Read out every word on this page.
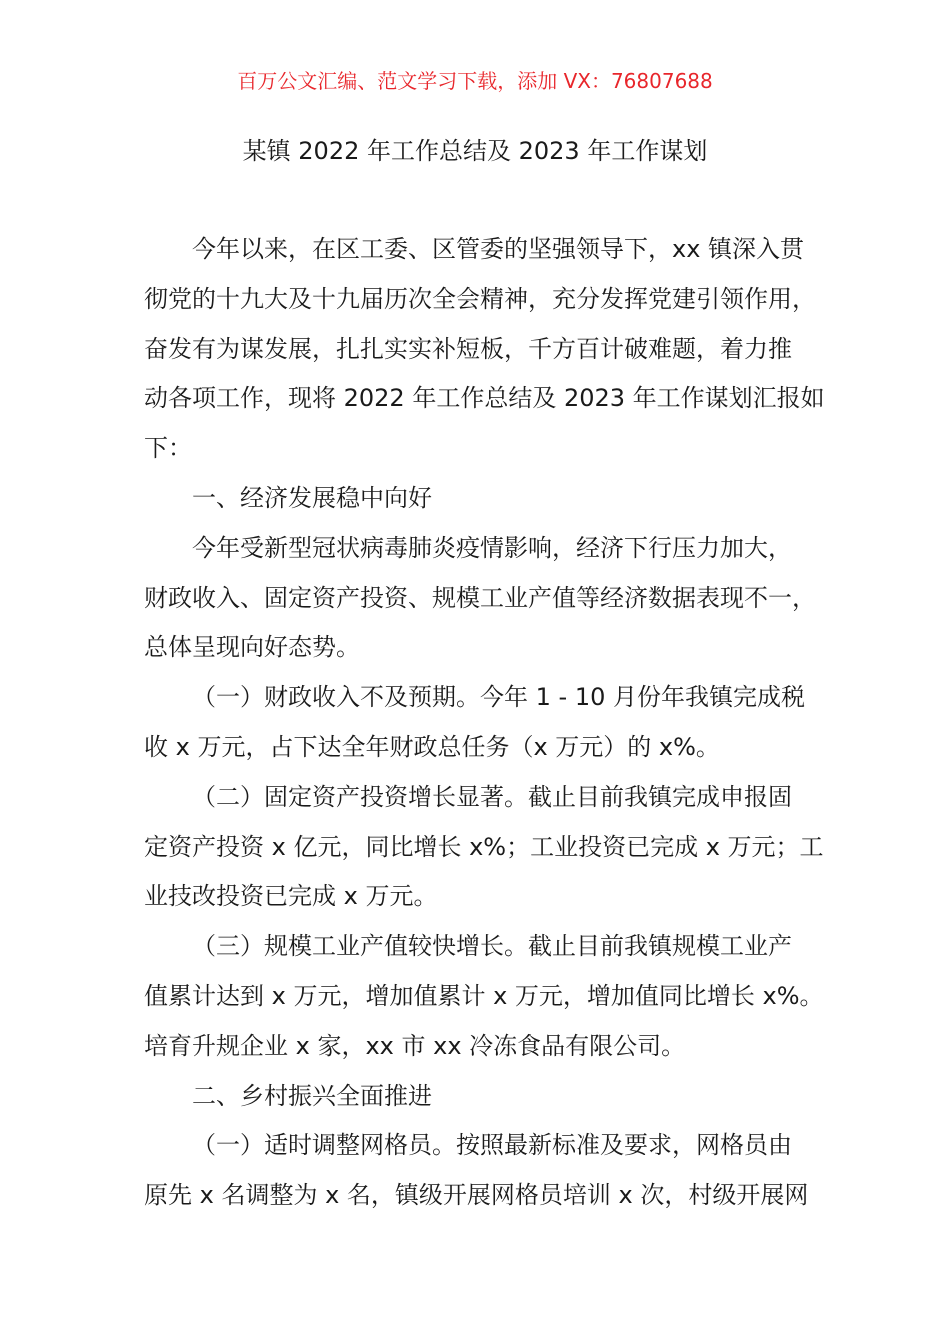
百万公文汇编、范文学习下载，添加 VX：76807688
某镇 2022 年工作总结及 2023 年工作谋划
今年以来，在区工委、区管委的坚强领导下，xx 镇深入贯
彻党的十九大及十九届历次全会精神，充分发挥党建引领作用，
奋发有为谋发展，扎扎实实补短板，千方百计破难题，着力推
动各项工作，现将 2022 年工作总结及 2023 年工作谋划汇报如
下：
一、经济发展稳中向好
今年受新型冠状病毒肺炎疫情影响，经济下行压力加大，
财政收入、固定资产投资、规模工业产值等经济数据表现不一，
总体呈现向好态势。
（一）财政收入不及预期。今年 1 - 10 月份年我镇完成税
收 x 万元，占下达全年财政总任务（x 万元）的 x%。
（二）固定资产投资增长显著。截止目前我镇完成申报固
定资产投资 x 亿元，同比增长 x%；工业投资已完成 x 万元；工
业技改投资已完成 x 万元。
（三）规模工业产值较快增长。截止目前我镇规模工业产
值累计达到 x 万元，增加值累计 x 万元，增加值同比增长 x%。
培育升规企业 x 家，xx 市 xx 冷冻食品有限公司。
二、乡村振兴全面推进
（一）适时调整网格员。按照最新标准及要求，网格员由
原先 x 名调整为 x 名，镇级开展网格员培训 x 次，村级开展网
